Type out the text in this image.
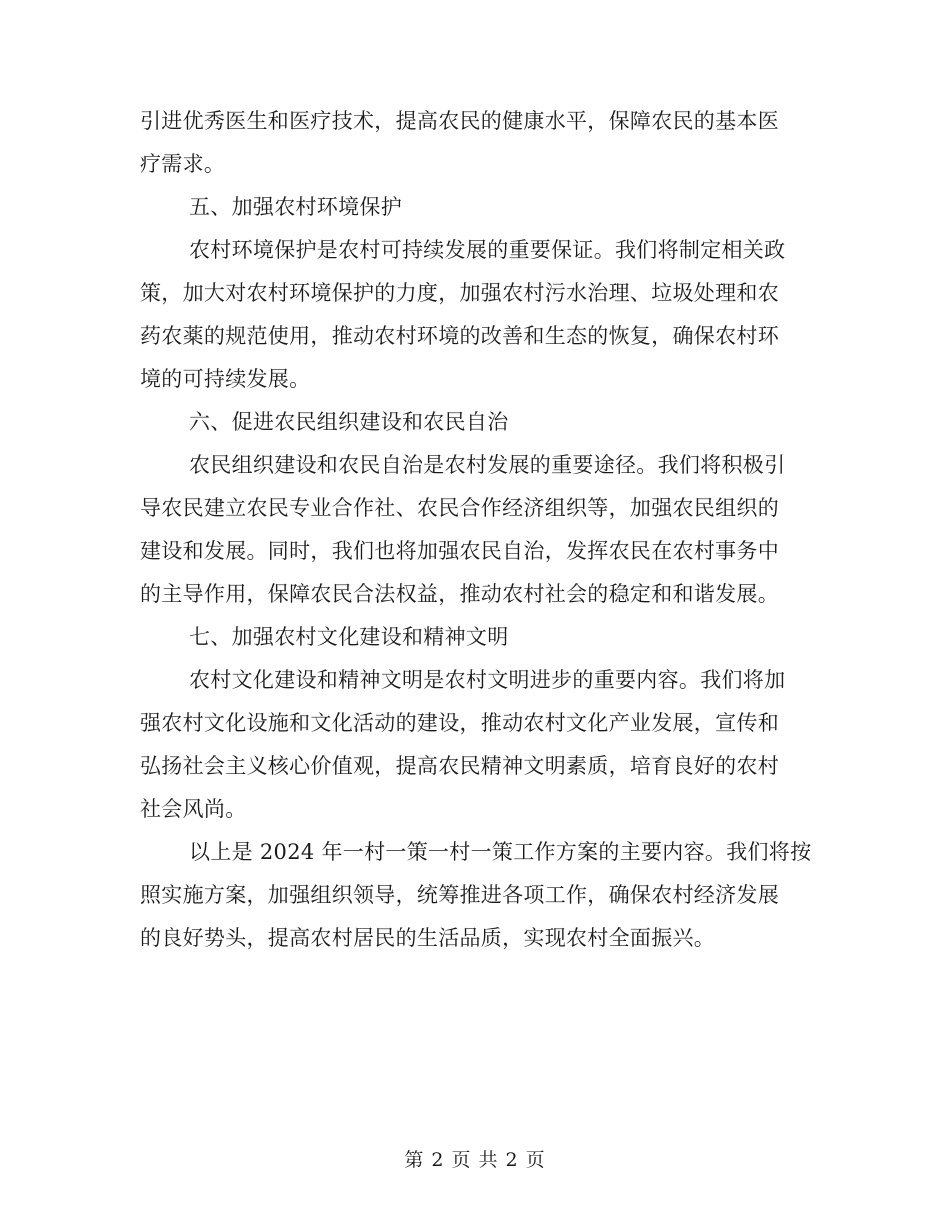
引进优秀医生和医疗技术，提高农民的健康水平，保障农民的基本医
疗需求。
五、加强农村环境保护
农村环境保护是农村可持续发展的重要保证。我们将制定相关政
策，加大对农村环境保护的力度，加强农村污水治理、垃圾处理和农
药农薬的规范使用，推动农村环境的改善和生态的恢复，确保农村环
境的可持续发展。
六、促进农民组织建设和农民自治
农民组织建设和农民自治是农村发展的重要途径。我们将积极引
导农民建立农民专业合作社、农民合作经济组织等，加强农民组织的
建设和发展。同时，我们也将加强农民自治，发挥农民在农村事务中
的主导作用，保障农民合法权益，推动农村社会的稳定和和谐发展。
七、加强农村文化建设和精神文明
农村文化建设和精神文明是农村文明进步的重要内容。我们将加
强农村文化设施和文化活动的建设，推动农村文化产业发展，宣传和
弘扬社会主义核心价值观，提高农民精神文明素质，培育良好的农村
社会风尚。
以上是 2024 年一村一策一村一策工作方案的主要内容。我们将按
照实施方案，加强组织领导，统筹推进各项工作，确保农村经济发展
的良好势头，提高农村居民的生活品质，实现农村全面振兴。
第 2 页 共 2 页
